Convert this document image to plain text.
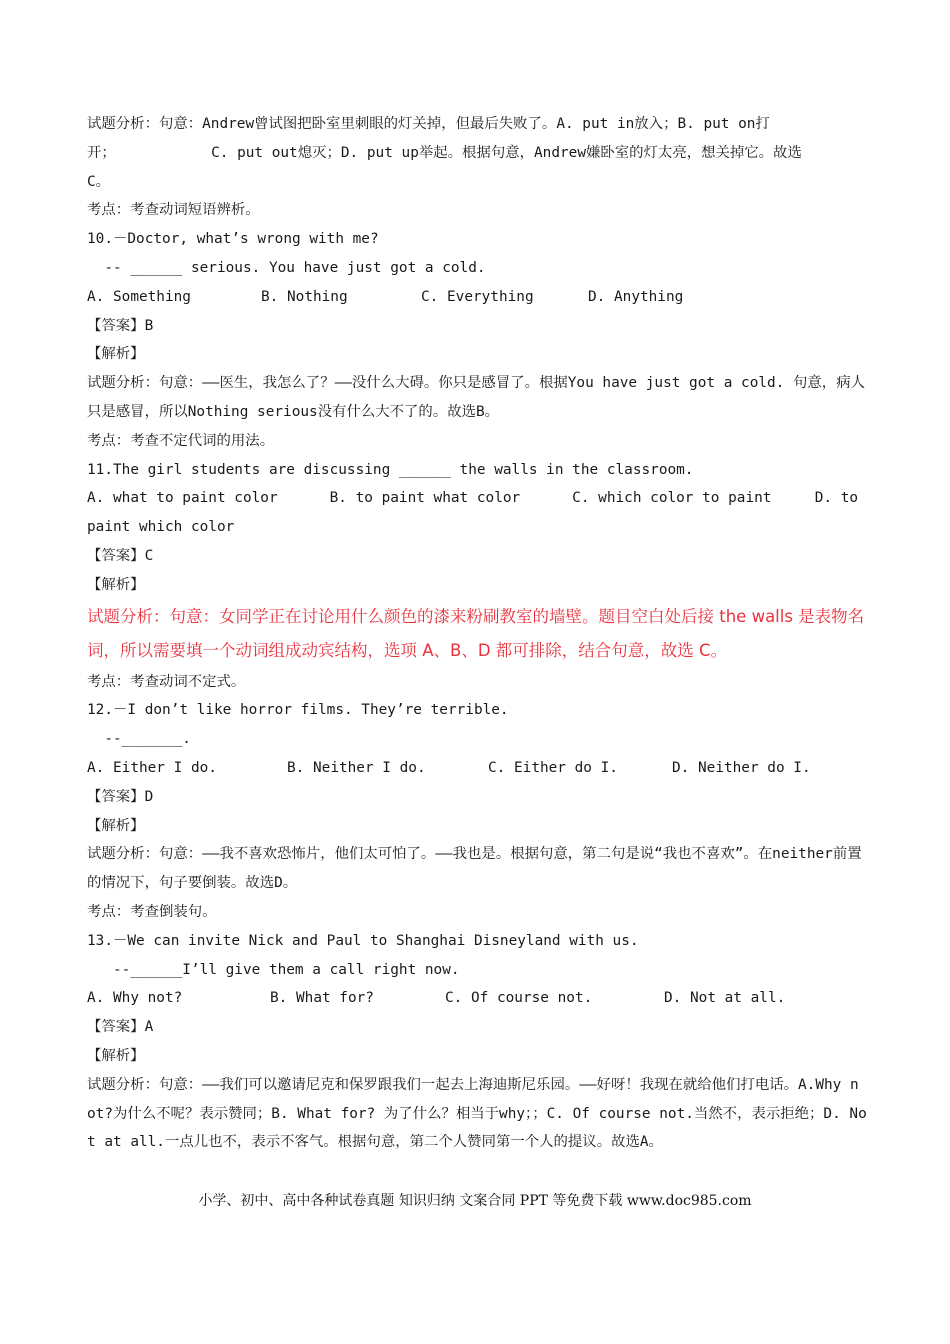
试题分析：句意：Andrew曾试图把卧室里刺眼的灯关掉，但最后失败了。A. put in放入；B. put on打

开；           C. put out熄灭；D. put up举起。根据句意，Andrew嫌卧室的灯太亮，想关掉它。故选

C。

考点：考查动词短语辨析。

10.－Doctor, what’s wrong with me?

-- ______ serious. You have just got a cold.

A. Something	B. Nothing	C. Everything	D. Anything

【答案】B

【解析】

试题分析：句意：——医生，我怎么了？——没什么大碍。你只是感冒了。根据You have just got a cold. 句意，病人只是感冒，所以Nothing serious没有什么大不了的。故选B。

考点：考查不定代词的用法。

11.The girl students are discussing ______ the walls in the classroom.

A. what to paint color      B. to paint what color      C. which color to paint     D. to

paint which color

【答案】C

【解析】

试题分析：句意：女同学正在讨论用什么颜色的漆来粉刷教室的墙壁。题目空白处后接 the walls 是表物名词，所以需要填一个动词组成动宾结构，选项 A、B、D 都可排除，结合句意，故选 C。

考点：考查动词不定式。

12.－I don’t like horror films. They’re terrible.

--_______.

A. Either I do.	B. Neither I do.	C. Either do I.	D. Neither do I.

【答案】D

【解析】

试题分析：句意：——我不喜欢恐怖片，他们太可怕了。——我也是。根据句意，第二句是说“我也不喜欢”。在neither前置的情况下，句子要倒装。故选D。

考点：考查倒装句。

13.－We can invite Nick and Paul to Shanghai Disneyland with us.

--______I’ll give them a call right now.

A. Why not?	B. What for?	C. Of course not.	D. Not at all.

【答案】A

【解析】

试题分析：句意：——我们可以邀请尼克和保罗跟我们一起去上海迪斯尼乐园。——好呀！我现在就给他们打电话。A.Why not?为什么不呢？表示赞同；B. What for? 为了什么？相当于why；；C. Of course not.当然不，表示拒绝；D. Not at all.一点儿也不，表示不客气。根据句意，第二个人赞同第一个人的提议。故选A。

小学、初中、高中各种试卷真题 知识归纳 文案合同 PPT 等免费下载 www.doc985.com
